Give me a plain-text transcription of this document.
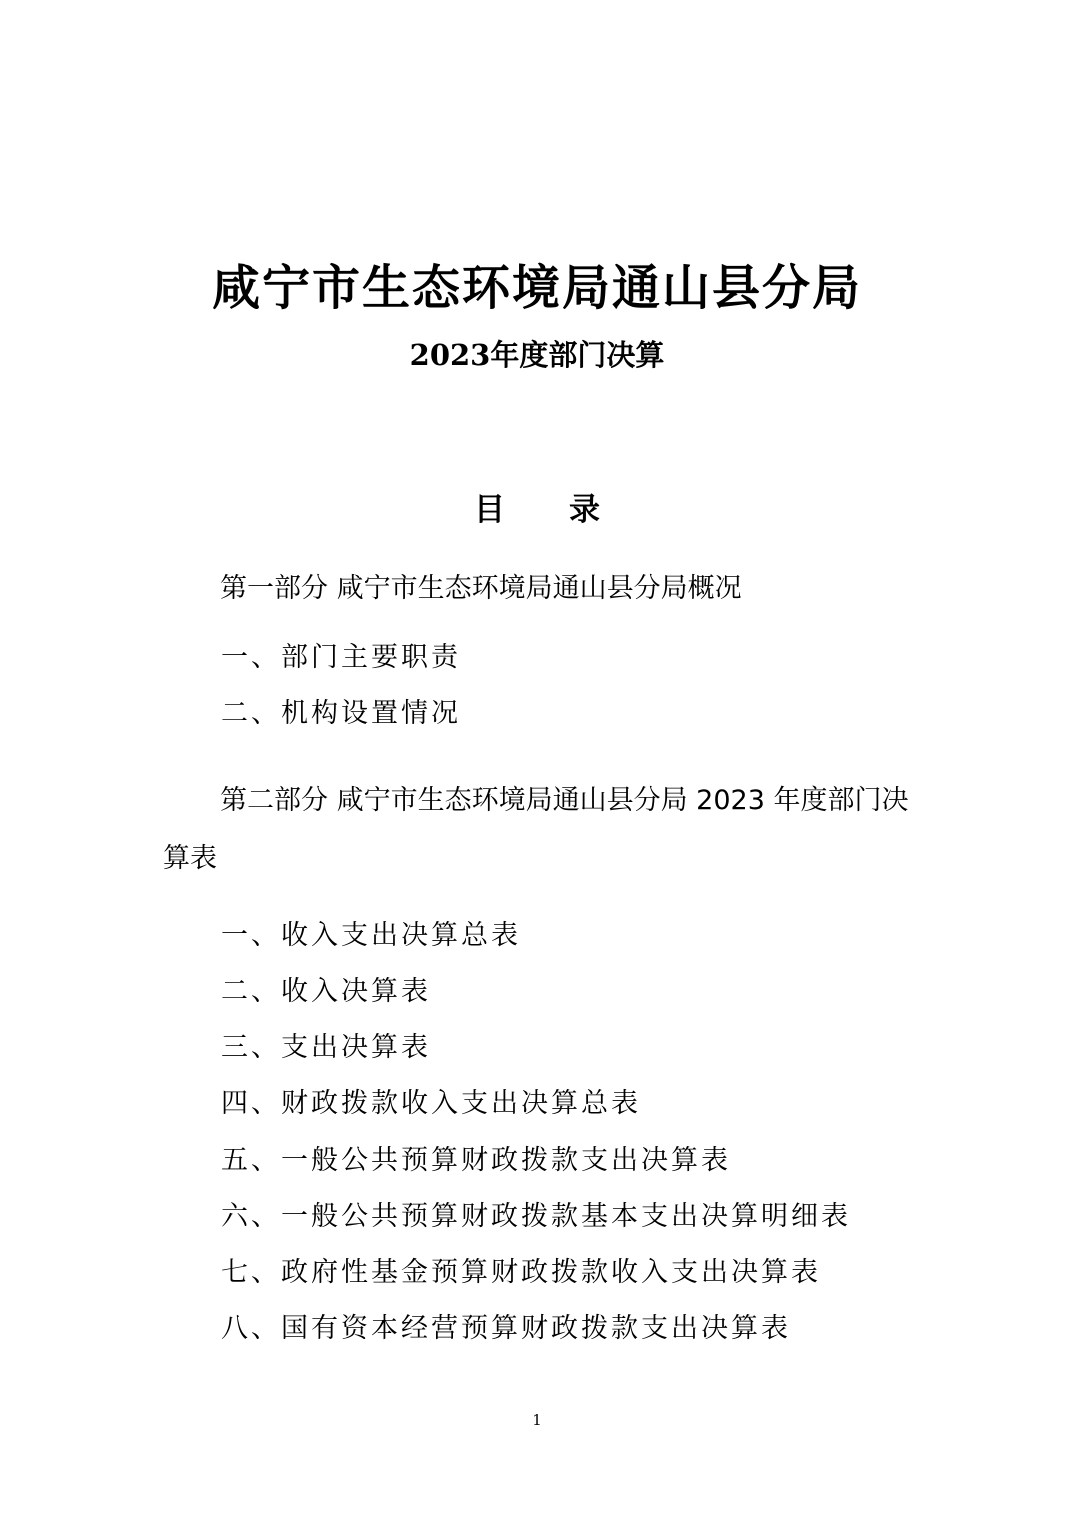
咸宁市生态环境局通山县分局
2023年度部门决算
目 录
第一部分 咸宁市生态环境局通山县分局概况
一、部门主要职责
二、机构设置情况
第二部分 咸宁市生态环境局通山县分局 2023 年度部门决算表
一、收入支出决算总表
二、收入决算表
三、支出决算表
四、财政拨款收入支出决算总表
五、一般公共预算财政拨款支出决算表
六、一般公共预算财政拨款基本支出决算明细表
七、政府性基金预算财政拨款收入支出决算表
八、国有资本经营预算财政拨款支出决算表
1
